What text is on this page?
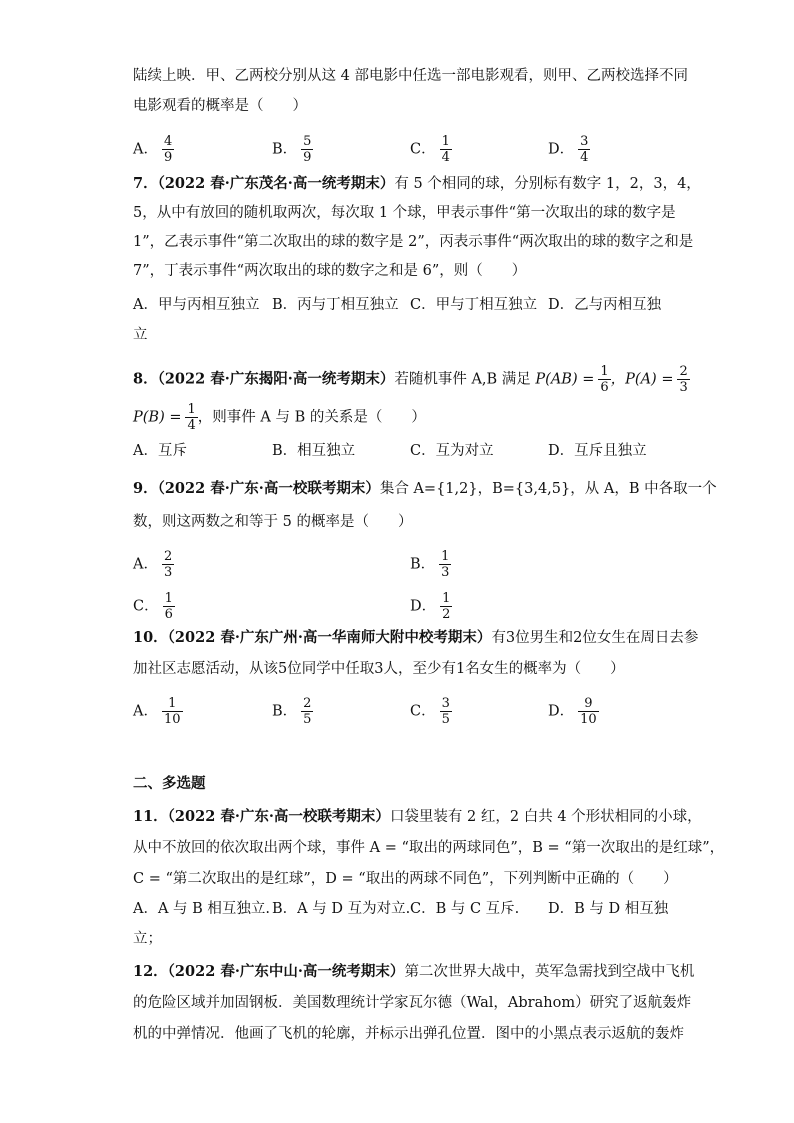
陆续上映．甲、乙两校分别从这 4 部电影中任选一部电影观看，则甲、乙两校选择不同
电影观看的概率是（　　）
A． $\frac{4}{9}$	B． $\frac{5}{9}$	C． $\frac{1}{4}$	D． $\frac{3}{4}$
7．（2022 春·广东茂名·高一统考期末）有 5 个相同的球，分别标有数字 1，2，3，4，
5，从中有放回的随机取两次，每次取 1 个球，甲表示事件“第一次取出的球的数字是
1”，乙表示事件“第二次取出的球的数字是 2”，丙表示事件“两次取出的球的数字之和是
7”，丁表示事件“两次取出的球的数字之和是 6”，则（　　）
A．甲与丙相互独立 B．丙与丁相互独立 C．甲与丁相互独立 D．乙与丙相互独
立
8．（2022 春·广东揭阳·高一统考期末）若随机事件 A,B 满足 $P(AB) = \frac{1}{6}$ ，$P(A) = \frac{2}{3}$
$P(B) = \frac{1}{4}$ ，则事件 A 与 B 的关系是（　　）
A．互斥	B．相互独立	C．互为对立	D．互斥且独立
9．（2022 春·广东·高一校联考期末）集合 A={1,2}，B={3,4,5}，从 A，B 中各取一个
数，则这两数之和等于 5 的概率是（　　）
A． $\frac{2}{3}$	B． $\frac{1}{3}$
C． $\frac{1}{6}$	D． $\frac{1}{2}$
10．（2022 春·广东广州·高一华南师大附中校考期末）有3位男生和2位女生在周日去参
加社区志愿活动，从该5位同学中任取3人，至少有1名女生的概率为（　　）
A． $\frac{1}{10}$	B． $\frac{2}{5}$	C． $\frac{3}{5}$	D． $\frac{9}{10}$
二、多选题
11．（2022 春·广东·高一校联考期末）口袋里装有 2 红，2 白共 4 个形状相同的小球，
从中不放回的依次取出两个球，事件 A = “取出的两球同色”，B = “第一次取出的是红球”，
C = “第二次取出的是红球”，D = “取出的两球不同色”，下列判断中正确的（　　）
A．A 与 B 相互独立. B．A 与 D 互为对立. C．B 与 C 互斥. D．B 与 D 相互独
立；
12．（2022 春·广东中山·高一统考期末）第二次世界大战中，英军急需找到空战中飞机
的危险区域并加固钢板．美国数理统计学家瓦尔德（Wal，Abrahom）研究了返航轰炸
机的中弹情况．他画了飞机的轮廓，并标示出弹孔位置．图中的小黑点表示返航的轰炸
